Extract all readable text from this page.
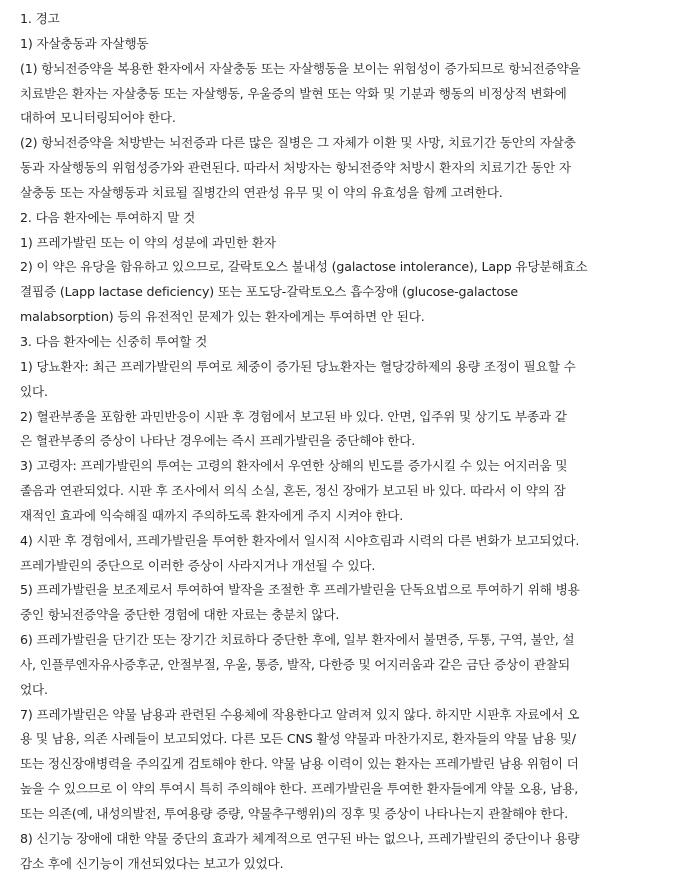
1. 경고
1) 자살충동과 자살행동
(1) 항뇌전증약을 복용한 환자에서 자살충동 또는 자살행동을 보이는 위험성이 증가되므로 항뇌전증약을
치료받은 환자는 자살충동 또는 자살행동, 우울증의 발현 또는 악화 및 기분과 행동의 비정상적 변화에
대하여 모니터링되어야 한다.
(2) 항뇌전증약을 처방받는 뇌전증과 다른 많은 질병은 그 자체가 이환 및 사망, 치료기간 동안의 자살충
동과 자살행동의 위험성증가와 관련된다. 따라서 처방자는 항뇌전증약 처방시 환자의 치료기간 동안 자
살충동 또는 자살행동과 치료될 질병간의 연관성 유무 및 이 약의 유효성을 함께 고려한다.
2. 다음 환자에는 투여하지 말 것
1) 프레가발린 또는 이 약의 성분에 과민한 환자
2) 이 약은 유당을 함유하고 있으므로, 갈락토오스 불내성 (galactose intolerance), Lapp 유당분해효소
결핍증 (Lapp lactase deficiency) 또는 포도당-갈락토오스 흡수장애 (glucose-galactose
malabsorption) 등의 유전적인 문제가 있는 환자에게는 투여하면 안 된다.
3. 다음 환자에는 신중히 투여할 것
1) 당뇨환자: 최근 프레가발린의 투여로 체중이 증가된 당뇨환자는 혈당강하제의 용량 조정이 필요할 수
있다.
2) 혈관부종을 포함한 과민반응이 시판 후 경험에서 보고된 바 있다. 안면, 입주위 및 상기도 부종과 같
은 혈관부종의 증상이 나타난 경우에는 즉시 프레가발린을 중단해야 한다.
3) 고령자: 프레가발린의 투여는 고령의 환자에서 우연한 상해의 빈도를 증가시킬 수 있는 어지러움 및
졸음과 연관되었다. 시판 후 조사에서 의식 소실, 혼돈, 정신 장애가 보고된 바 있다. 따라서 이 약의 잠
재적인 효과에 익숙해질 때까지 주의하도록 환자에게 주지 시켜야 한다.
4) 시판 후 경험에서, 프레가발린을 투여한 환자에서 일시적 시야흐림과 시력의 다른 변화가 보고되었다.
프레가발린의 중단으로 이러한 증상이 사라지거나 개선될 수 있다.
5) 프레가발린을 보조제로서 투여하여 발작을 조절한 후 프레가발린을 단독요법으로 투여하기 위해 병용
중인 항뇌전증약을 중단한 경험에 대한 자료는 충분치 않다.
6) 프레가발린을 단기간 또는 장기간 치료하다 중단한 후에, 일부 환자에서 불면증, 두통, 구역, 불안, 설
사, 인플루엔자유사증후군, 안절부절, 우울, 통증, 발작, 다한증 및 어지러움과 같은 금단 증상이 관찰되
었다.
7) 프레가발린은 약물 남용과 관련된 수용체에 작용한다고 알려져 있지 않다. 하지만 시판후 자료에서 오
용 및 남용, 의존 사례들이 보고되었다. 다른 모든 CNS 활성 약물과 마찬가지로, 환자들의 약물 남용 및/
또는 정신장애병력을 주의깊게 검토해야 한다. 약물 남용 이력이 있는 환자는 프레가발린 남용 위험이 더
높을 수 있으므로 이 약의 투여시 특히 주의해야 한다. 프레가발린을 투여한 환자들에게 약물 오용, 남용,
또는 의존(예, 내성의발전, 투여용량 증량, 약물추구행위)의 징후 및 증상이 나타나는지 관찰해야 한다.
8) 신기능 장애에 대한 약물 중단의 효과가 체계적으로 연구된 바는 없으나, 프레가발린의 중단이나 용량
감소 후에 신기능이 개선되었다는 보고가 있었다.
